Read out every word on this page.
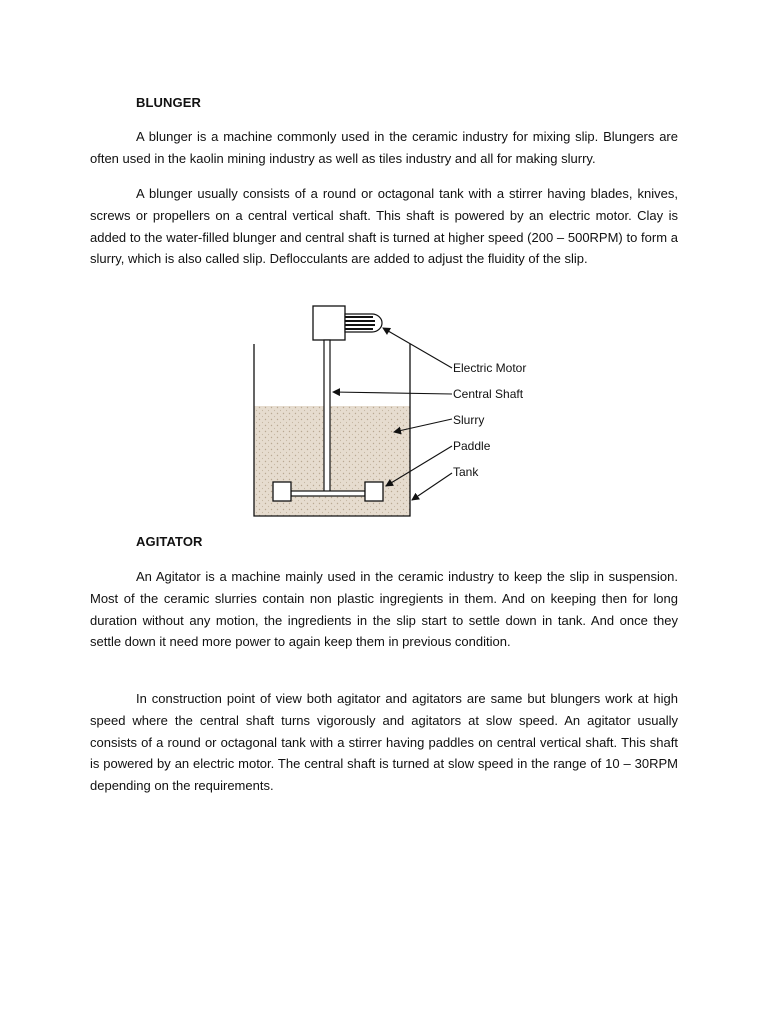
BLUNGER

A blunger is a machine commonly used in the ceramic industry for mixing slip. Blungers are often used in the kaolin mining industry as well as tiles industry and all for making slurry.

A blunger usually consists of a round or octagonal tank with a stirrer having blades, knives, screws or propellers on a central vertical shaft. This shaft is powered by an electric motor. Clay is added to the water-filled blunger and central shaft is turned at higher speed (200 – 500RPM) to form a slurry, which is also called slip. Deflocculants are added to adjust the fluidity of the slip.

Electric Motor
Central Shaft
Slurry
Paddle
Tank
AGITATOR

An Agitator is a machine mainly used in the ceramic industry to keep the slip in suspension. Most of the ceramic slurries contain non plastic ingregients in them. And on keeping then for long duration without any motion, the ingredients in the slip start to settle down in tank. And once they settle down it need more power to again keep them in previous condition.

In construction point of view both agitator and agitators are same but blungers work at high speed where the central shaft turns vigorously and agitators at slow speed. An agitator usually consists of a round or octagonal tank with a stirrer having paddles on central vertical shaft. This shaft is powered by an electric motor. The central shaft is turned at slow speed in the range of 10 – 30RPM depending on the requirements.
